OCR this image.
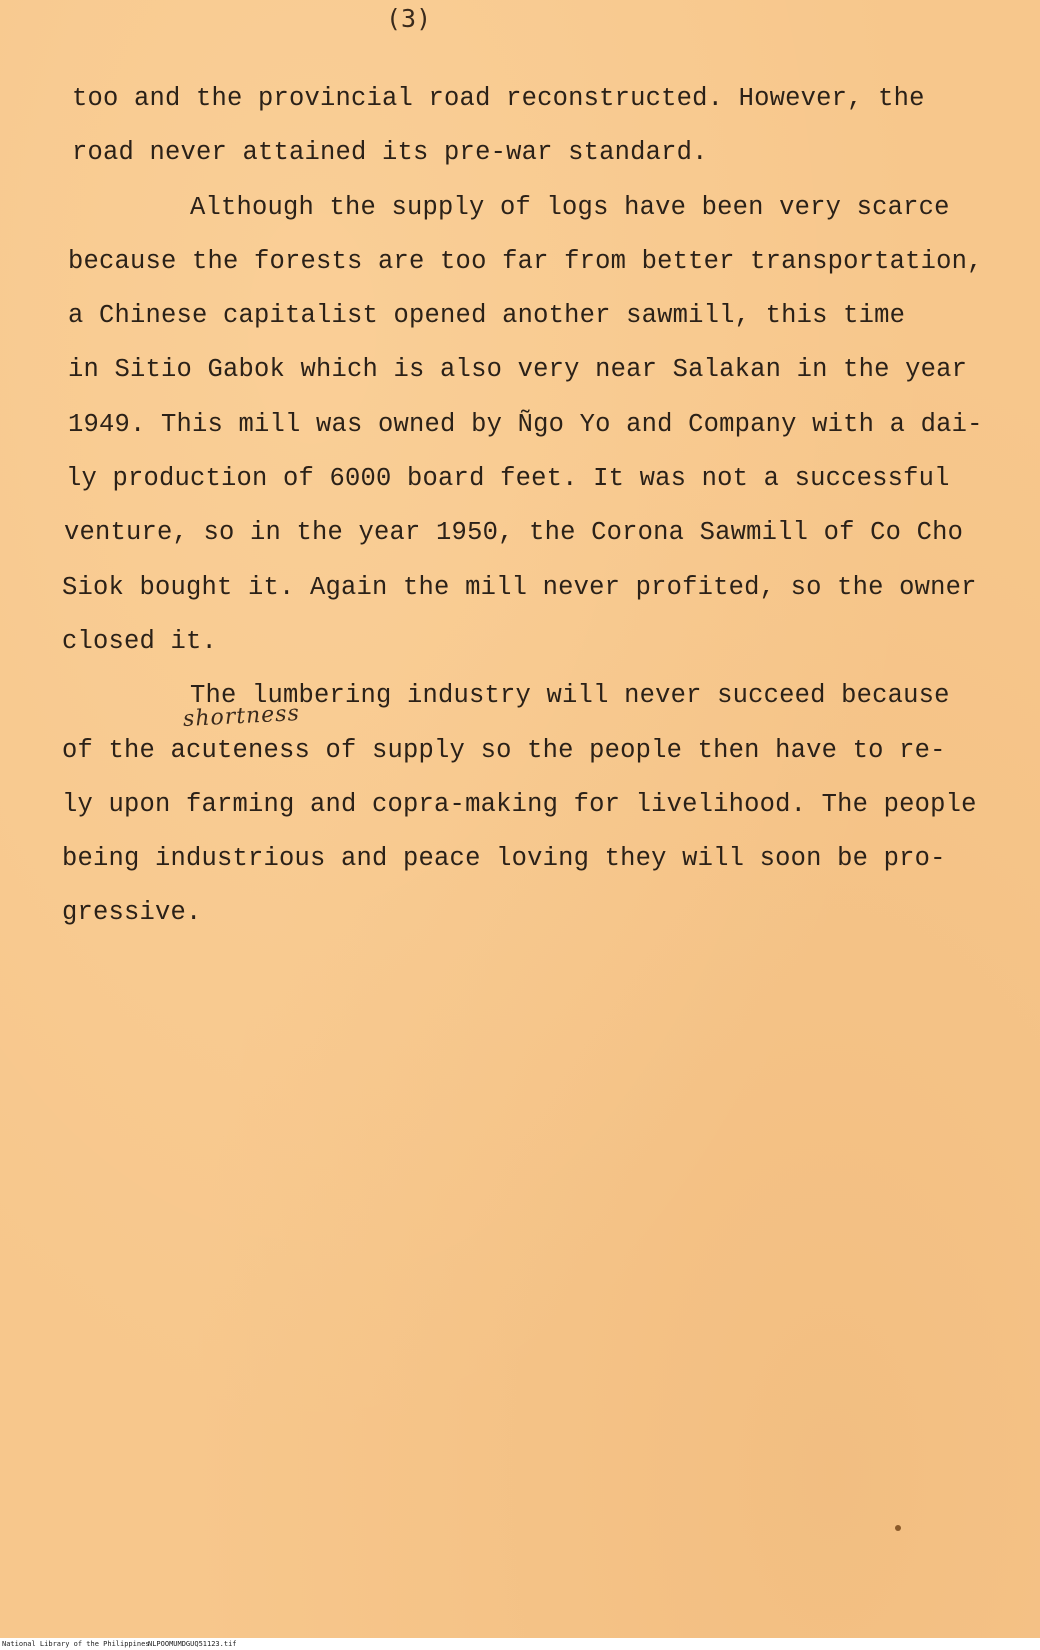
(3)

too and the provincial road reconstructed. However, the
road never attained its pre-war standard.
Although the supply of logs have been very scarce
because the forests are too far from better transportation,
a Chinese capitalist opened another sawmill, this time
in Sitio Gabok which is also very near Salakan in the year
1949. This mill was owned by Ñgo Yo and Company with a dai-
ly production of 6000 board feet. It was not a successful
venture, so in the year 1950, the Corona Sawmill of Co Cho
Siok bought it. Again the mill never profited, so the owner
closed it.
The lumbering industry will never succeed because
of the acuteness of supply so the people then have to re-
ly upon farming and copra-making for livelihood. The people
being industrious and peace loving they will soon be pro-
gressive.
shortness
National Library of the Philippines
NLPOOMUMDGUQ51123.tif
